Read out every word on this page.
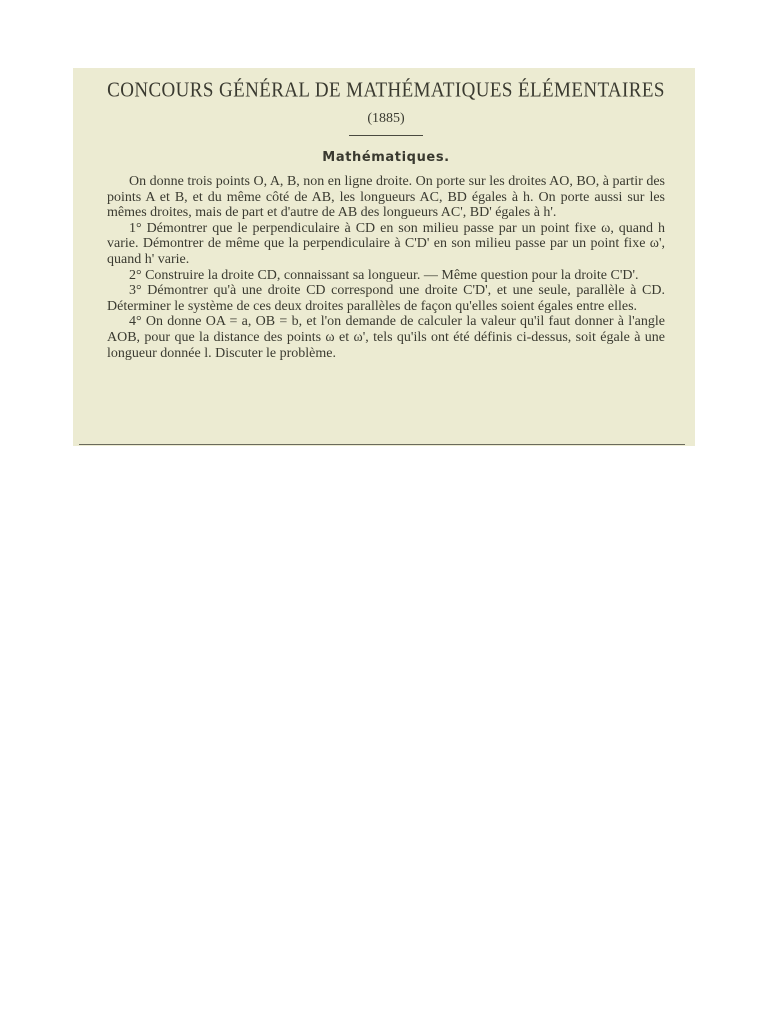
CONCOURS GÉNÉRAL DE MATHÉMATIQUES ÉLÉMENTAIRES
(1885)
Mathématiques.

On donne trois points O, A, B, non en ligne droite. On porte sur les droites AO, BO, à partir des points A et B, et du même côté de AB, les longueurs AC, BD égales à h. On porte aussi sur les mêmes droites, mais de part et d'autre de AB des longueurs AC', BD' égales à h'.

1° Démontrer que le perpendiculaire à CD en son milieu passe par un point fixe ω, quand h varie. Démontrer de même que la perpendiculaire à C'D' en son milieu passe par un point fixe ω', quand h' varie.

2° Construire la droite CD, connaissant sa longueur. — Même question pour la droite C'D'.

3° Démontrer qu'à une droite CD correspond une droite C'D', et une seule, parallèle à CD. Déterminer le système de ces deux droites parallèles de façon qu'elles soient égales entre elles.

4° On donne OA = a, OB = b, et l'on demande de calculer la valeur qu'il faut donner à l'angle AOB, pour que la distance des points ω et ω', tels qu'ils ont été définis ci-dessus, soit égale à une longueur donnée l. Discuter le problème.
